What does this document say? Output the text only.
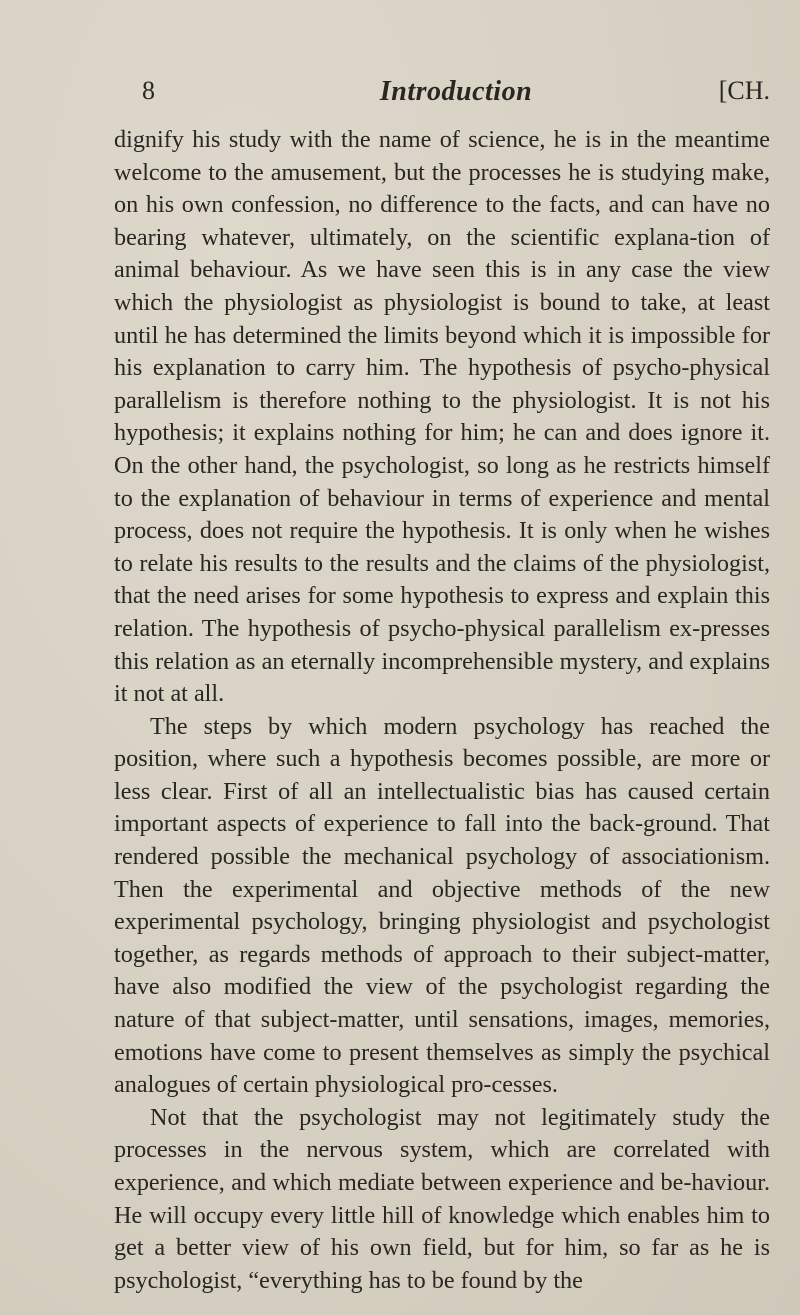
8	Introduction	[CH.

dignify his study with the name of science, he is in the meantime welcome to the amusement, but the processes he is studying make, on his own confession, no difference to the facts, and can have no bearing whatever, ultimately, on the scientific explana-tion of animal behaviour. As we have seen this is in any case the view which the physiologist as physiologist is bound to take, at least until he has determined the limits beyond which it is impossible for his explanation to carry him. The hypothesis of psycho-physical parallelism is therefore nothing to the physiologist. It is not his hypothesis; it explains nothing for him; he can and does ignore it. On the other hand, the psychologist, so long as he restricts himself to the explanation of behaviour in terms of experience and mental process, does not require the hypothesis. It is only when he wishes to relate his results to the results and the claims of the physiologist, that the need arises for some hypothesis to express and explain this relation. The hypothesis of psycho-physical parallelism ex-presses this relation as an eternally incomprehensible mystery, and explains it not at all.

The steps by which modern psychology has reached the position, where such a hypothesis becomes possible, are more or less clear. First of all an intellectualistic bias has caused certain important aspects of experience to fall into the back-ground. That rendered possible the mechanical psychology of associationism. Then the experimental and objective methods of the new experimental psychology, bringing physiologist and psychologist together, as regards methods of approach to their subject-matter, have also modified the view of the psychologist regarding the nature of that subject-matter, until sensations, images, memories, emotions have come to present themselves as simply the psychical analogues of certain physiological pro-cesses.

Not that the psychologist may not legitimately study the processes in the nervous system, which are correlated with experience, and which mediate between experience and be-haviour. He will occupy every little hill of knowledge which enables him to get a better view of his own field, but for him, so far as he is psychologist, “everything has to be found by the
